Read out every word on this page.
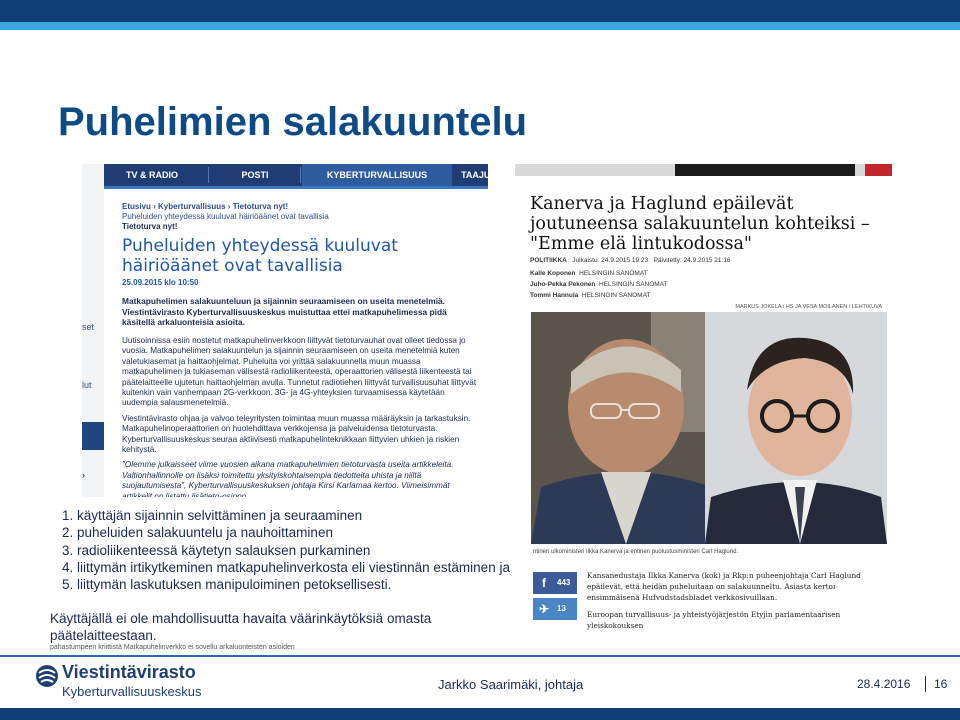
Puhelimien salakuuntelu
TV & RADIO	POSTI	KYBERTURVALLISUUS	TAAJUU
Etusivu › Kyberturvallisuus › Tietoturva nyt!
Puheluiden yhteydessä kuuluvat häiriöäänet ovat tavallisia
Tietoturva nyt!
Puheluiden yhteydessä kuuluvat häiriöäänet ovat tavallisia
25.09.2015 klo 10:50
Matkapuhelimen salakuunteluun ja sijainnin seuraamiseen on useita menetelmiä. Viestintävirasto Kyberturvallisuuskeskus muistuttaa ettei matkapuhelimessa pidä käsitellä arkaluonteisia asioita.

Uutisoinnissa esiin nostetut matkapuhelinverkkoon liittyvät tietoturvauhat ovat olleet tiedossa jo vuosia. Matkapuhelimen salakuuntelun ja sijainnin seuraamiseen on useita menetelmiä kuten valetukiasemat ja haittaohjelmat. Puheluita voi yrittää salakuunnella muun muassa matkapuhelimen ja tukiaseman välisestä radioliikenteestä, operaattorien välisestä liikenteestä tai päätelaitteelle ujutetun haittaohjelman avulla. Tunnetut radiotiehen liittyvät turvallisuusuhat liittyvät kuitenkin vain vanhempaan 2G-verkkoon. 3G- ja 4G-yhteyksien turvaamisessa käytetään uudempia salausmenetelmiä.

Viestintävirasto ohjaa ja valvoo teleyritysten toimintaa muun muassa määräyksin ja tarkastuksin. Matkapuhelinoperaattorien on huolehdittava verkkojensa ja palveluidensa tietoturvasta. Kyberturvallisuuskeskus seuraa aktiivisesti matkapuhelinteknikkaan liittyvien uhkien ja riskien kehitystä.

"Olemme julkaisseet viime vuosien aikana matkapuhelimien tietoturvasta useita artikkeleita. Valtionhallinnolle on lisäksi toimitettu yksityiskohtaisempia tiedotteita uhista ja niiltä suojautumisesta", Kyberturvallisuuskeskuksen johtaja Kirsi Karlamaa kertoo. Viimeisimmät

set
lut
›
1. käyttäjän sijainnin selvittäminen ja seuraaminen
2. puheluiden salakuuntelu ja nauhoittaminen
3. radioliikenteessä käytetyn salauksen purkaminen
4. liittymän irtikytkeminen matkapuhelinverkosta eli viestinnän estäminen ja
5. liittymän laskutuksen manipuloiminen petoksellisesti.
Käyttäjällä ei ole mahdollisuutta havaita väärinkäytöksiä omasta päätelaitteestaan.
pahastumpeen kriittistä Matkapuhelinverkko ei sovellu arkaluonteisten asioiden
Kanerva ja Haglund epäilevät joutuneensa salakuuntelun kohteiksi – "Emme elä lintukodossa"
POLITIIKKA Julkaistu: 24.9.2015 19:23 Päivitetty: 24.9.2015 21:16
Kalle Koponen HELSINGIN SANOMAT
Juho-Pekka Pekonen HELSINGIN SANOMAT
Tommi Hannula HELSINGIN SANOMAT
MARKUS JOKELA / HS JA VESA MOILANEN / LEHTIKUVA
ntinen ulkoministeri Ilkka Kanerva ja entinen puolustusministeri Carl Haglund.
f	443
✈ 13
Kansanedustaja Ilkka Kanerva (kok) ja Rkp:n puheenjohtaja Carl Haglund epäilevät, että heidän puheluitaan on salakuunneltu. Asiasta kertoi ensimmäisenä Hufvudstadsbladet verkkosivuillaan.
Euroopan turvallisuus- ja yhteistyöjärjestön Etyjin parlamentaarisen yleiskokouksen
Viestintävirasto
Kyberturvallisuuskeskus	Jarkko Saarimäki, johtaja	28.4.2016 16
